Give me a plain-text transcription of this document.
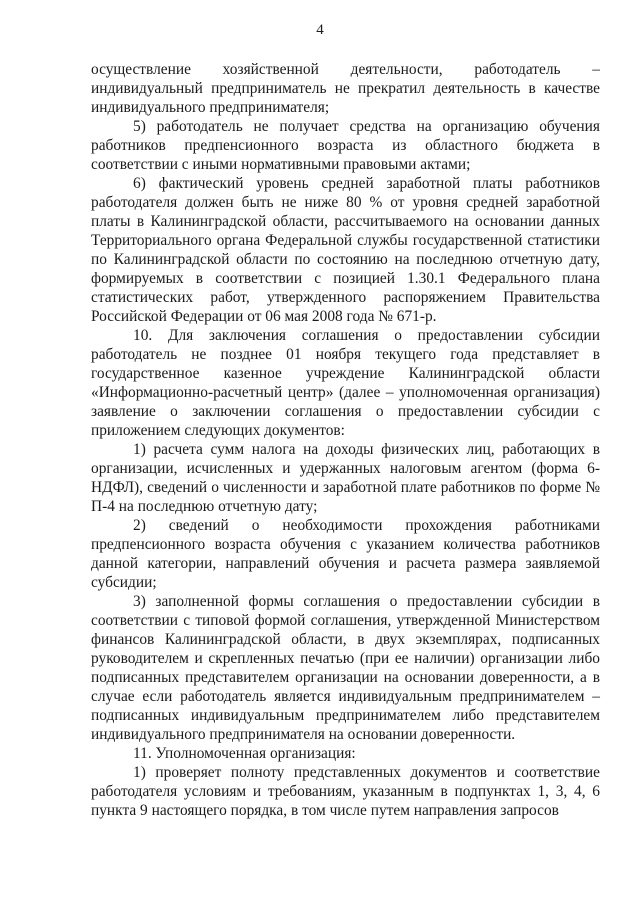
4

осуществление хозяйственной деятельности, работодатель – индивидуальный предприниматель не прекратил деятельность в качестве индивидуального предпринимателя;

5) работодатель не получает средства на организацию обучения работников предпенсионного возраста из областного бюджета в соответствии с иными нормативными правовыми актами;

6) фактический уровень средней заработной платы работников работодателя должен быть не ниже 80 % от уровня средней заработной платы в Калининградской области, рассчитываемого на основании данных Территориального органа Федеральной службы государственной статистики по Калининградской области по состоянию на последнюю отчетную дату, формируемых в соответствии с позицией 1.30.1 Федерального плана статистических работ, утвержденного распоряжением Правительства Российской Федерации от 06 мая 2008 года № 671-р.

10. Для заключения соглашения о предоставлении субсидии работодатель не позднее 01 ноября текущего года представляет в государственное казенное учреждение Калининградской области «Информационно-расчетный центр» (далее – уполномоченная организация) заявление о заключении соглашения о предоставлении субсидии с приложением следующих документов:

1) расчета сумм налога на доходы физических лиц, работающих в организации, исчисленных и удержанных налоговым агентом (форма 6-НДФЛ), сведений о численности и заработной плате работников по форме № П-4 на последнюю отчетную дату;

2) сведений о необходимости прохождения работниками предпенсионного возраста обучения с указанием количества работников данной категории, направлений обучения и расчета размера заявляемой субсидии;

3) заполненной формы соглашения о предоставлении субсидии в соответствии с типовой формой соглашения, утвержденной Министерством финансов Калининградской области, в двух экземплярах, подписанных руководителем и скрепленных печатью (при ее наличии) организации либо подписанных представителем организации на основании доверенности, а в случае если работодатель является индивидуальным предпринимателем – подписанных индивидуальным предпринимателем либо представителем индивидуального предпринимателя на основании доверенности.

11. Уполномоченная организация:

1) проверяет полноту представленных документов и соответствие работодателя условиям и требованиям, указанным в подпунктах 1, 3, 4, 6 пункта 9 настоящего порядка, в том числе путем направления запросов
